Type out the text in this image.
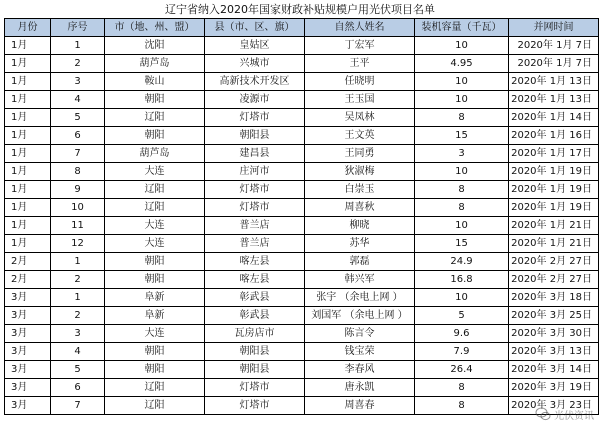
辽宁省纳入2020年国家财政补贴规模户用光伏项目名单
月份	序号	市（地、州、盟）	县（市、区、旗）	自然人姓名	装机容量（千瓦）	并网时间
1月	1	沈阳	皇姑区	丁宏军	10	2020年 1月 7日
1月	2	葫芦岛	兴城市	王平	4.95	2020年 1月 7日
1月	3	鞍山	高新技术开发区	任晓明	10	2020年 1月 13日
1月	4	朝阳	凌源市	王玉国	10	2020年 1月 13日
1月	5	辽阳	灯塔市	吴凤林	8	2020年 1月 14日
1月	6	朝阳	朝阳县	王文英	15	2020年 1月 16日
1月	7	葫芦岛	建昌县	王同勇	3	2020年 1月 17日
1月	8	大连	庄河市	狄淑梅	10	2020年 1月 19日
1月	9	辽阳	灯塔市	白崇玉	8	2020年 1月 19日
1月	10	辽阳	灯塔市	周喜秋	8	2020年 1月 19日
1月	11	大连	普兰店	柳晓	10	2020年 1月 21日
1月	12	大连	普兰店	苏华	15	2020年 1月 21日
2月	1	朝阳	喀左县	郭磊	24.9	2020年 2月 27日
2月	2	朝阳	喀左县	韩兴军	16.8	2020年 2月 27日
3月	1	阜新	彰武县	张宇 （余电上网 ）	10	2020年 3月 18日
3月	2	阜新	彰武县	刘国军 （余电上网 ）	5	2020年 3月 25日
3月	3	大连	瓦房店市	陈言令	9.6	2020年 3月 30日
3月	4	朝阳	朝阳县	钱宝荣	7.9	2020年 3月 13日
3月	5	朝阳	朝阳县	李春风	26.4	2020年 3月 14日
3月	6	辽阳	灯塔市	唐永凯	8	2020年 3月 19日
3月	7	辽阳	灯塔市	周喜春	8	2020年 3月 23日
光伏资讯
